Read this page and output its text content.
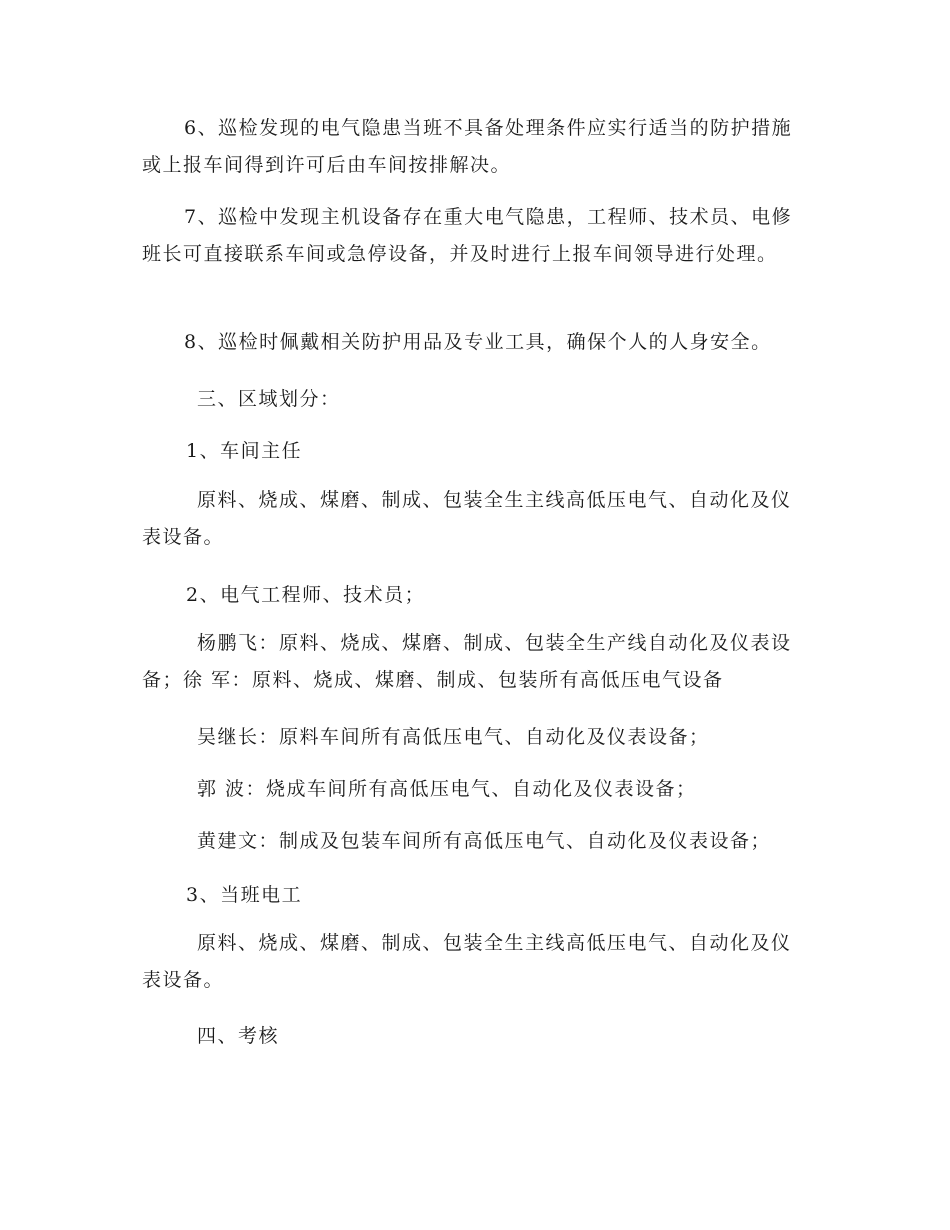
6、巡检发现的电气隐患当班不具备处理条件应实行适当的防护措施或上报车间得到许可后由车间按排解决。

7、巡检中发现主机设备存在重大电气隐患，工程师、技术员、电修班长可直接联系车间或急停设备，并及时进行上报车间领导进行处理。

8、巡检时佩戴相关防护用品及专业工具，确保个人的人身安全。

三、区域划分：

1、车间主任

原料、烧成、煤磨、制成、包装全生主线高低压电气、自动化及仪表设备。

2、电气工程师、技术员；

杨鹏飞：原料、烧成、煤磨、制成、包装全生产线自动化及仪表设备；徐 军：原料、烧成、煤磨、制成、包装所有高低压电气设备

吴继长：原料车间所有高低压电气、自动化及仪表设备；

郭 波：烧成车间所有高低压电气、自动化及仪表设备；

黄建文：制成及包装车间所有高低压电气、自动化及仪表设备；

3、当班电工

原料、烧成、煤磨、制成、包装全生主线高低压电气、自动化及仪表设备。

四、考核
